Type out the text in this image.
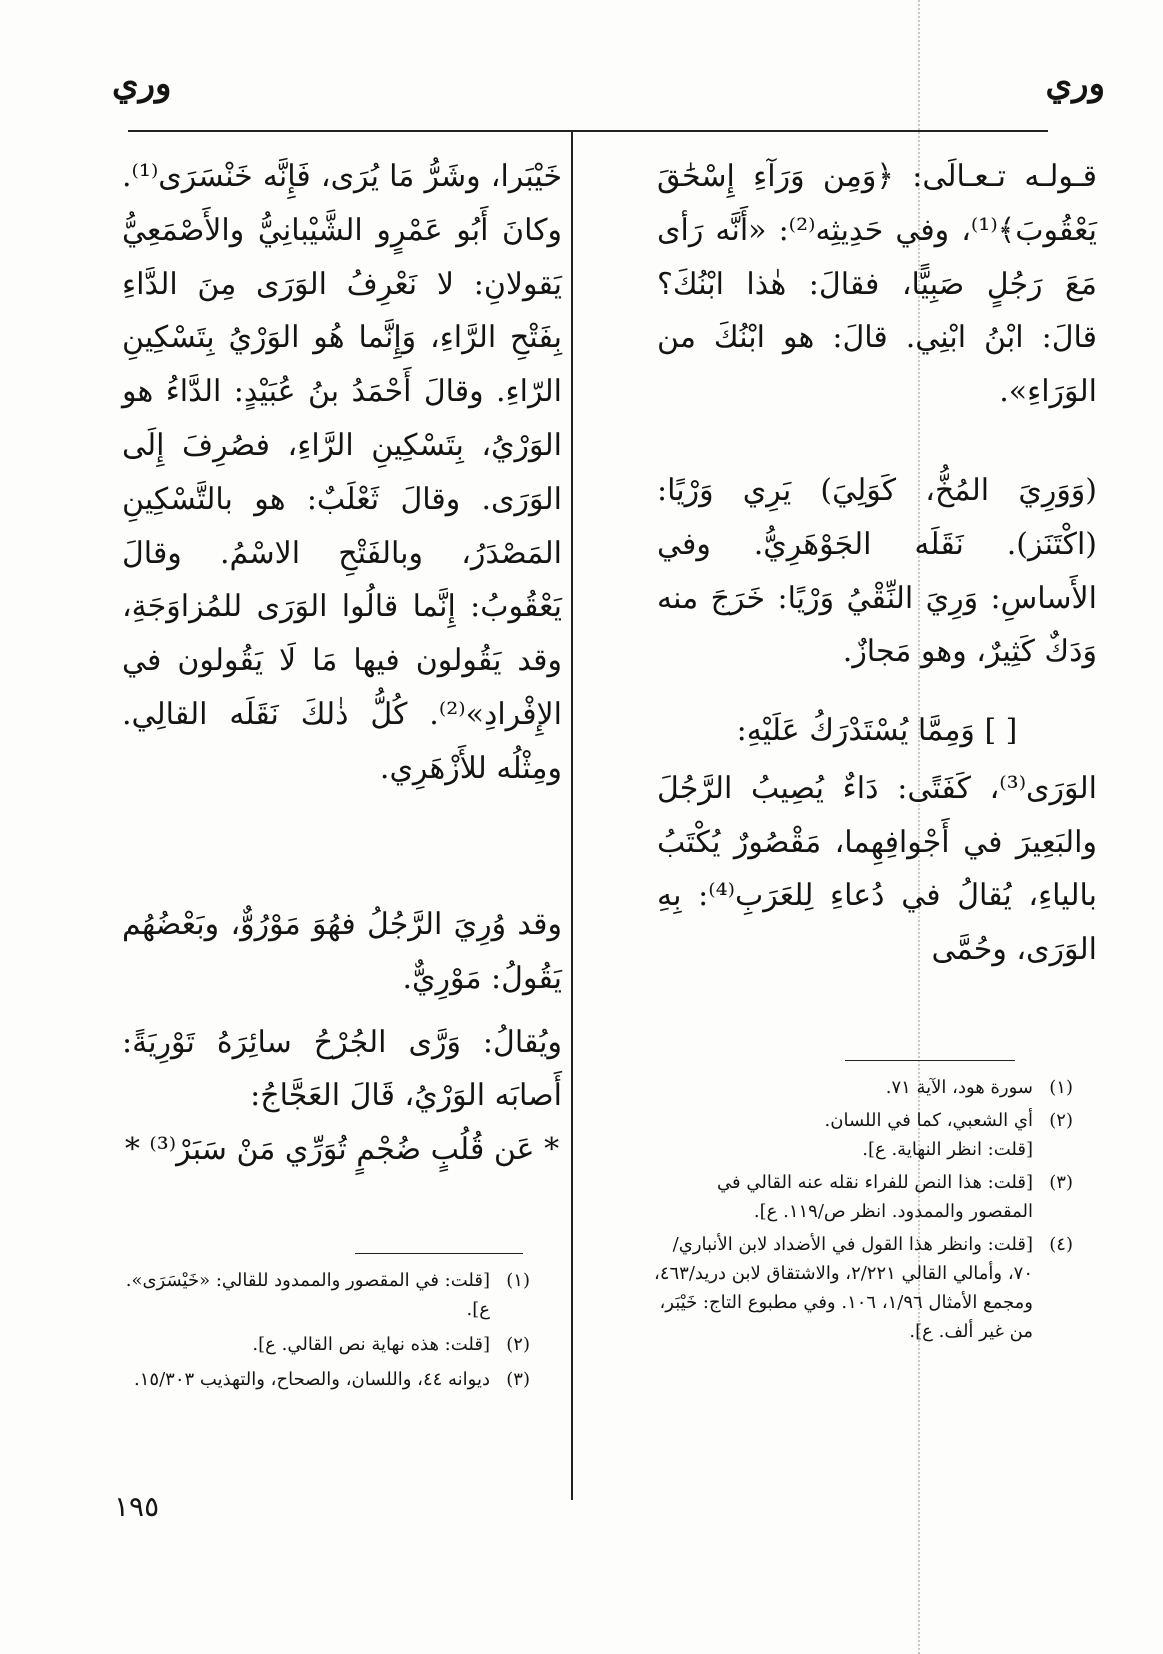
وري
وري

قـولـه تـعـالَى: ﴿وَمِن وَرَآءِ إِسْحَٰقَ يَعْقُوبَ﴾⁽¹⁾، وفي حَدِيثِه⁽²⁾: «أَنَّه رَأى مَعَ رَجُلٍ صَبِيًّا، فقالَ: هٰذا ابْنُكَ؟ قالَ: ابْنُ ابْنِي. قالَ: هو ابْنُكَ من الوَرَاءِ».

(وَوَرِيَ المُخُّ، كَوَلِيَ) يَرِي وَرْيًا: (اكْتَنَز). نَقَلَه الجَوْهَرِيُّ. وفي الأَساسِ: وَرِيَ النِّقْيُ وَرْيًا: خَرَجَ منه وَدَكٌ كَثِيرٌ، وهو مَجازٌ.

[ ] وَمِمَّا يُسْتَدْرَكُ عَلَيْهِ:

الوَرَى⁽³⁾، كَفَتًى: دَاءٌ يُصِيبُ الرَّجُلَ والبَعِيرَ في أَجْوافِهِما، مَقْصُورٌ يُكْتَبُ بالياءِ، يُقالُ في دُعاءِ لِلعَرَبِ⁽⁴⁾: بِهِ الوَرَى، وحُمَّى

(١)
سورة هود، الآية ٧١.
(٢)
أي الشعبي، كما في اللسان.
[قلت: انظر النهاية. ع].
(٣)
[قلت: هذا النص للفراء نقله عنه القالي في المقصور والممدود. انظر ص/١١٩. ع].
(٤)
[قلت: وانظر هذا القول في الأضداد لابن الأنباري/٧٠، وأمالي القالي ٢/٢٢١، والاشتقاق لابن دريد/٤٦٣، ومجمع الأمثال ١/٩٦، ١٠٦. وفي مطبوع التاج: خَيْبَر، من غير ألف. ع].

خَيْبَرا، وشَرُّ مَا يُرَى، فَإِنَّه خَنْسَرَى⁽¹⁾. وكانَ أَبُو عَمْرٍو الشَّيْبانِيُّ والأَصْمَعِيُّ يَقولانِ: لا نَعْرِفُ الوَرَى مِنَ الدَّاءِ بِفَتْحِ الرَّاءِ، وَإِنَّما هُو الوَرْيُ بِتَسْكِينِ الرّاءِ. وقالَ أَحْمَدُ بنُ عُبَيْدٍ: الدَّاءُ هو الوَرْيُ، بِتَسْكِينِ الرَّاءِ، فصُرِفَ إِلَى الوَرَى. وقالَ ثَعْلَبٌ: هو بالتَّسْكِينِ المَصْدَرُ، وبالفَتْحِ الاسْمُ. وقالَ يَعْقُوبُ: إِنَّما قالُوا الوَرَى للمُزاوَجَةِ، وقد يَقُولون فيها مَا لَا يَقُولون في الإِفْرادِ»⁽²⁾. كُلُّ ذٰلكَ نَقَلَه القالِي. ومِثْلُه للأَزْهَرِي.

وقد وُرِيَ الرَّجُلُ فهُوَ مَوْرُوٌّ، وبَعْضُهُم يَقُولُ: مَوْرِيٌّ.

ويُقالُ: وَرَّى الجُرْحُ سائِرَهُ تَوْرِيَةً: أَصابَه الوَرْيُ، قَالَ العَجَّاجُ:

* عَن قُلُبٍ ضُجْمٍ تُوَرِّي مَنْ سَبَرْ⁽³⁾ *

(١)
[قلت: في المقصور والممدود للقالي: «خَيْسَرَى». ع].
(٢)
[قلت: هذه نهاية نص القالي. ع].
(٣)
ديوانه ٤٤، واللسان، والصحاح، والتهذيب ١٥/٣٠٣.
١٩٥
